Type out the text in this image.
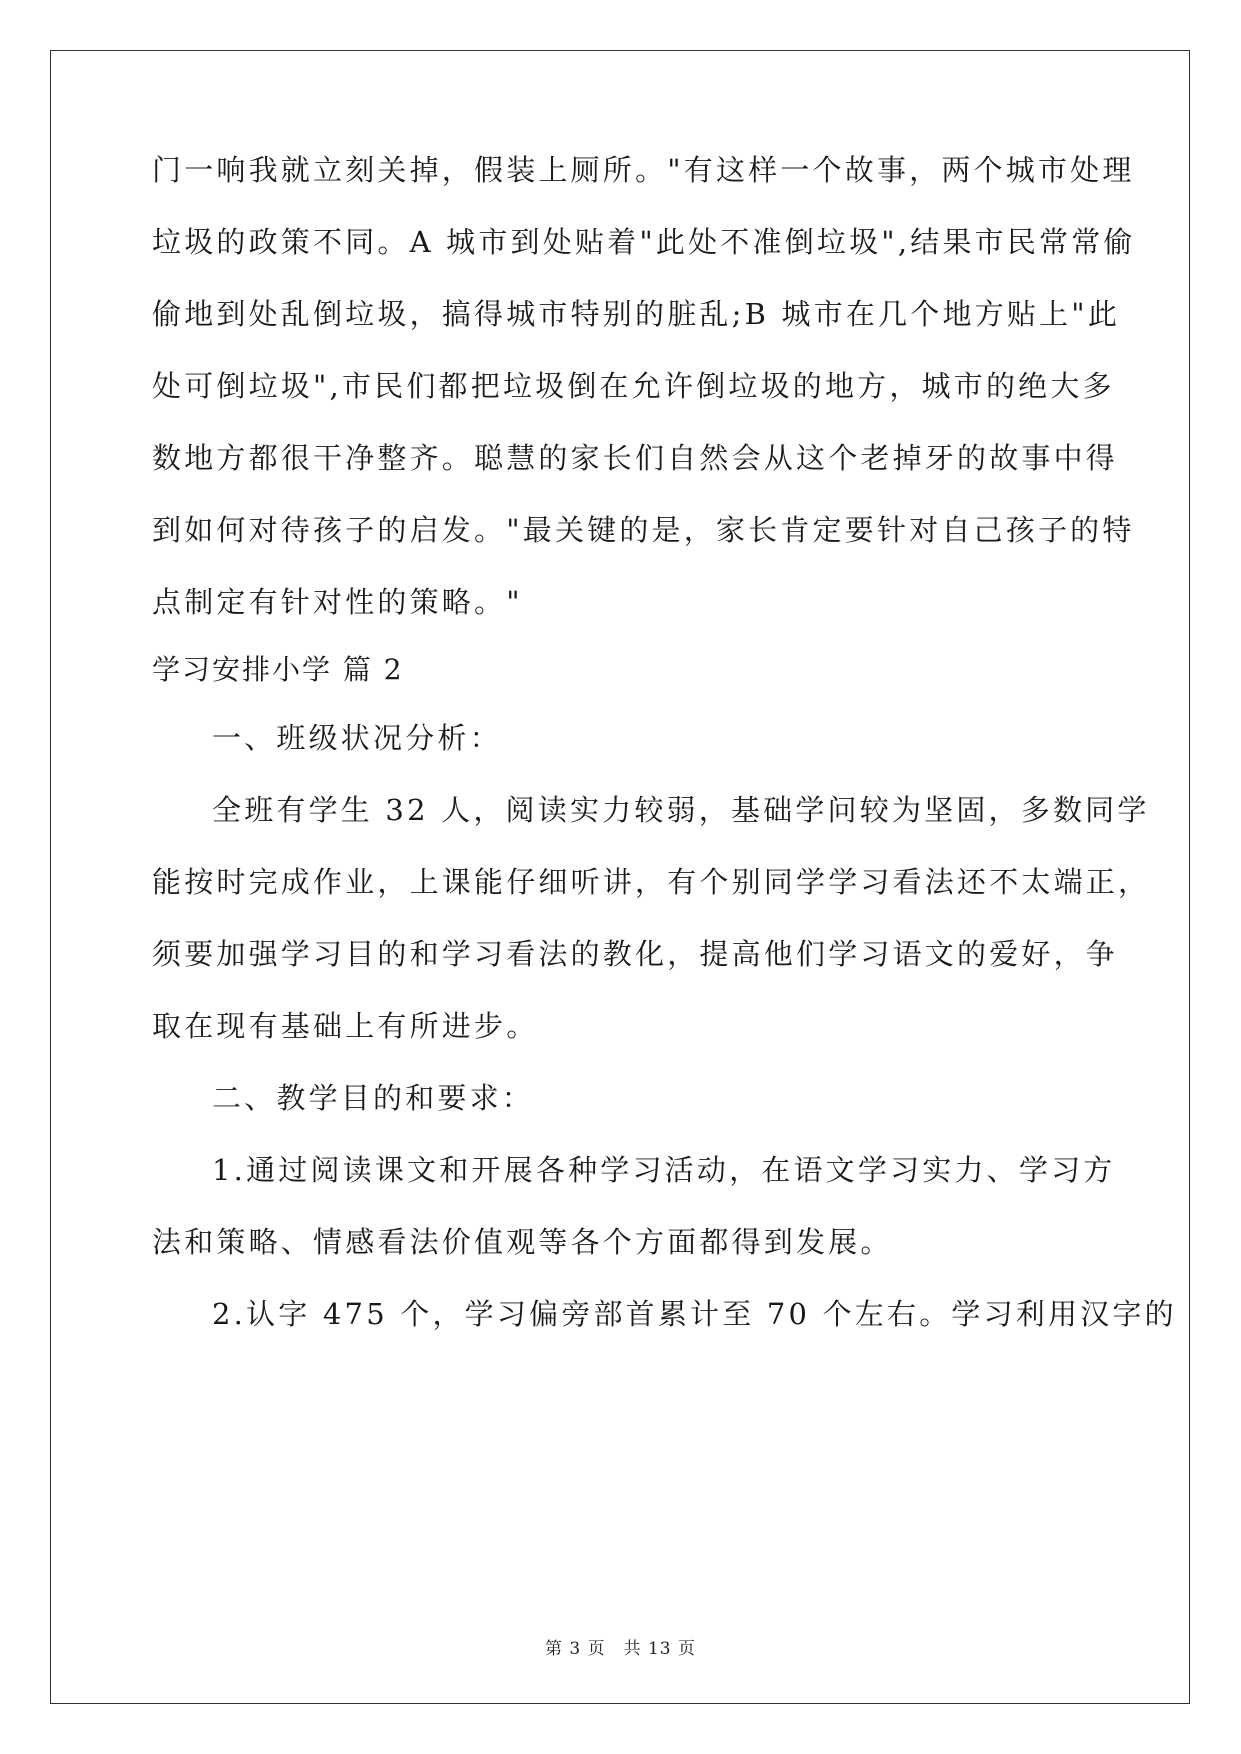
门一响我就立刻关掉，假装上厕所。"有这样一个故事，两个城市处理
垃圾的政策不同。A 城市到处贴着"此处不准倒垃圾",结果市民常常偷
偷地到处乱倒垃圾，搞得城市特别的脏乱;B 城市在几个地方贴上"此
处可倒垃圾",市民们都把垃圾倒在允许倒垃圾的地方，城市的绝大多
数地方都很干净整齐。聪慧的家长们自然会从这个老掉牙的故事中得
到如何对待孩子的启发。"最关键的是，家长肯定要针对自己孩子的特
点制定有针对性的策略。"
学习安排小学 篇 2
一、班级状况分析：
全班有学生 32 人，阅读实力较弱，基础学问较为坚固，多数同学
能按时完成作业，上课能仔细听讲，有个别同学学习看法还不太端正，
须要加强学习目的和学习看法的教化，提高他们学习语文的爱好，争
取在现有基础上有所进步。
二、教学目的和要求：
1.通过阅读课文和开展各种学习活动，在语文学习实力、学习方
法和策略、情感看法价值观等各个方面都得到发展。
2.认字 475 个，学习偏旁部首累计至 70 个左右。学习利用汉字的
第 3 页　共 13 页
